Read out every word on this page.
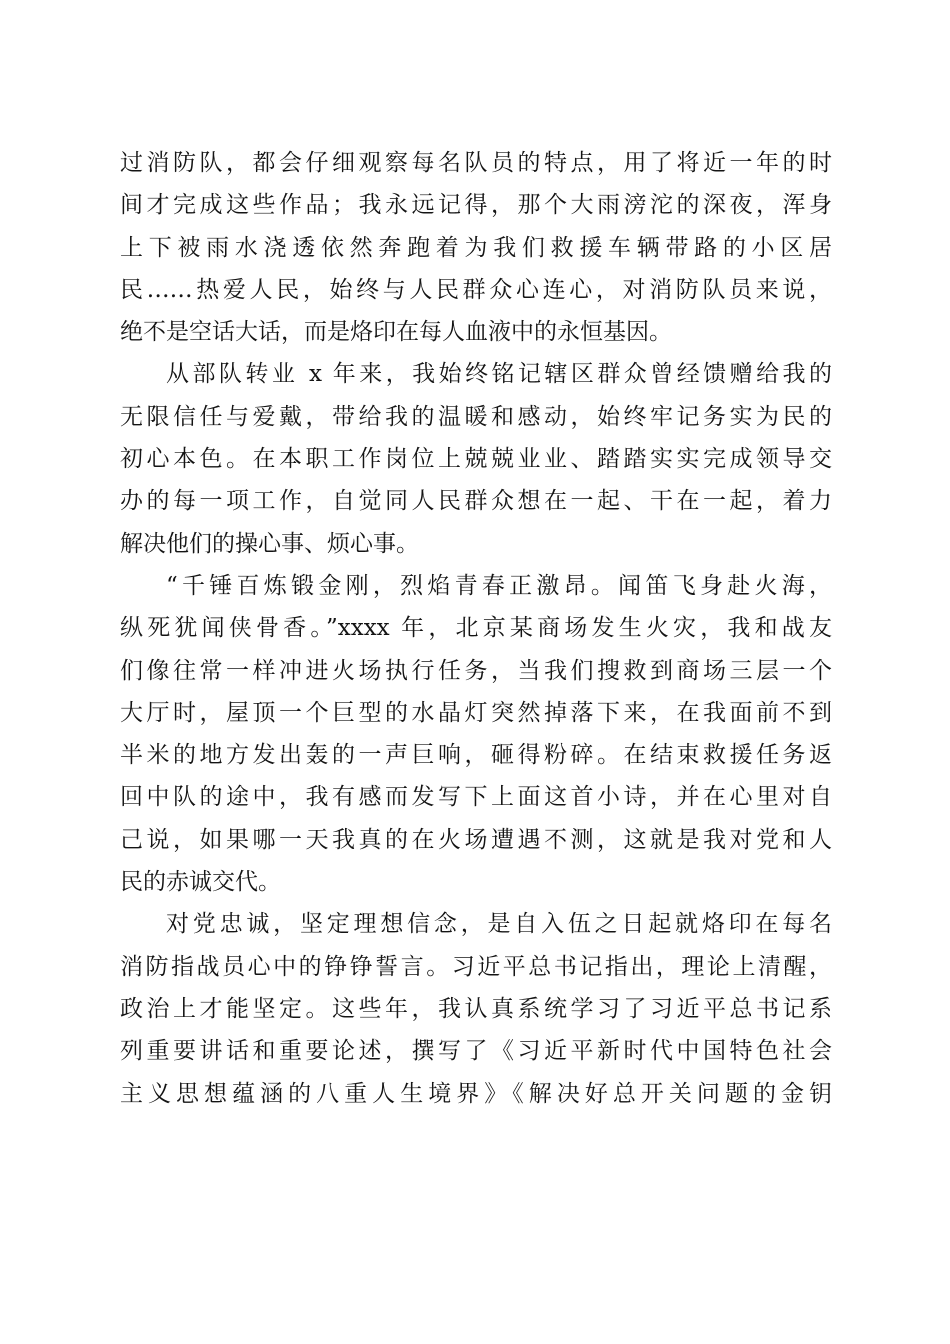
过消防队，都会仔细观察每名队员的特点，用了将近一年的时
间才完成这些作品；我永远记得，那个大雨滂沱的深夜，浑身
上下被雨水浇透依然奔跑着为我们救援车辆带路的小区居
民……热爱人民，始终与人民群众心连心，对消防队员来说，
绝不是空话大话，而是烙印在每人血液中的永恒基因。
从部队转业 x 年来，我始终铭记辖区群众曾经馈赠给我的
无限信任与爱戴，带给我的温暖和感动，始终牢记务实为民的
初心本色。在本职工作岗位上兢兢业业、踏踏实实完成领导交
办的每一项工作，自觉同人民群众想在一起、干在一起，着力
解决他们的操心事、烦心事。
“千锤百炼锻金刚，烈焰青春正激昂。闻笛飞身赴火海，
纵死犹闻侠骨香。”xxxx 年，北京某商场发生火灾，我和战友
们像往常一样冲进火场执行任务，当我们搜救到商场三层一个
大厅时，屋顶一个巨型的水晶灯突然掉落下来，在我面前不到
半米的地方发出轰的一声巨响，砸得粉碎。在结束救援任务返
回中队的途中，我有感而发写下上面这首小诗，并在心里对自
己说，如果哪一天我真的在火场遭遇不测，这就是我对党和人
民的赤诚交代。
对党忠诚，坚定理想信念，是自入伍之日起就烙印在每名
消防指战员心中的铮铮誓言。习近平总书记指出，理论上清醒，
政治上才能坚定。这些年，我认真系统学习了习近平总书记系
列重要讲话和重要论述，撰写了《习近平新时代中国特色社会
主义思想蕴涵的八重人生境界》《解决好总开关问题的金钥
